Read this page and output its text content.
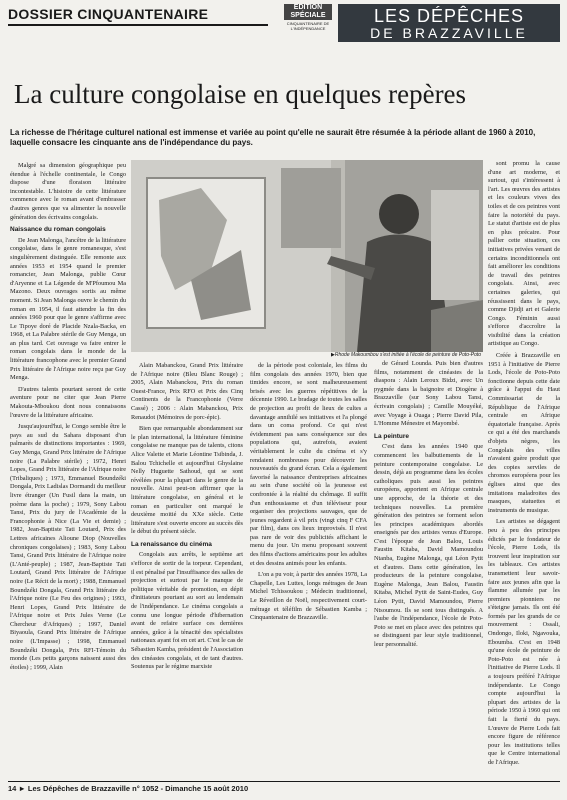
DOSSIER CINQUANTENAIRE	EDITION
SPÉCIALE
CINQUANTENAIRE DE L'INDÉPENDANCE
LES DÉPÊCHES
DE BRAZZAVILLE
La culture congolaise en quelques repères
La richesse de l'héritage culturel national est immense et variée au point qu'elle ne saurait être résumée à la période allant de 1960 à 2010, laquelle consacre les cinquante ans de l'indépendance du pays.

Malgré sa dimension géographique peu étendue à l'échelle continentale, le Congo dispose d'une floraison littéraire incontestable. L'histoire de cette littérature commence avec le roman avant d'embrasser d'autres genres que va alimenter la nouvelle génération des écrivains congolais.

Naissance du roman congolais

De Jean Malonga, l'ancêtre de la littérature congolaise, dans le genre romanesque, s'est singulièrement distinguée. Elle remonte aux années 1953 et 1954 quand le premier romancier, Jean Malonga, publie Cœur d'Aryenne et La Légende de M'Pfoumou Ma Mazono. Deux ouvrages sortis au même moment. Si Jean Malonga ouvre le chemin du roman en 1954, il faut attendre la fin des années 1960 pour que le genre s'affirme avec Le Tipoye doré de Placide Nzala-Backa, en 1968, et La Palabre stérile de Guy Menga, un an plus tard. Cet ouvrage va faire entrer le roman congolais dans le monde de la littérature francophone avec le premier Grand Prix littéraire de l'Afrique noire reçu par Guy Menga.

D'autres talents pourtant seront de cette aventure pour ne citer que Jean Pierre Makouta-Mboukou dont nous connaissons l'œuvre de la littérature africaine.

Jusqu'aujourd'hui, le Congo semble être le pays au sud du Sahara disposant d'un palmarès de distinctions importantes : 1969, Guy Menga, Grand Prix littéraire de l'Afrique noire (La Palabre stérile) ; 1972, Henri Lopes, Grand Prix littéraire de l'Afrique noire (Tribaliques) ; 1973, Emmanuel Boundzéki Dongala, Prix Ladislas Dormandi du meilleur livre étranger (Un Fusil dans la main, un poème dans la poche) ; 1979, Sony Labou Tansi, Prix du jury de l'Académie de la Francophonie à Nice (La Vie et demie) ; 1982, Jean-Baptiste Tati Loutard, Prix des Lettres africaines Alioune Diop (Nouvelles chroniques congolaises) ; 1983, Sony Labou Tansi, Grand Prix littéraire de l'Afrique noire (L'Anté-peuple) ; 1987, Jean-Baptiste Tati Loutard, Grand Prix littéraire de l'Afrique noire (Le Récit de la mort) ; 1988, Emmanuel Boundzéki Dongala, Grand Prix littéraire de l'Afrique noire (Le Feu des origines) ; 1993, Henri Lopes, Grand Prix littéraire de l'Afrique noire et Prix Jules Verne (Le Chercheur d'Afriques) ; 1997, Daniel Biyaoula, Grand Prix littéraire de l'Afrique noire (L'Impasse) ; 1998, Emmanuel Boundzéki Dongala, Prix RFI-Témoin du monde (Les petits garçons naissent aussi des étoiles) ; 1999, Alain

▶ Rhode Makoumbou s'est initiée à l'école de peinture de Poto-Poto

Alain Mabanckou, Grand Prix littéraire de l'Afrique noire (Bleu Blanc Rouge) ; 2005, Alain Mabanckou, Prix du roman Ouest-France, Prix RFO et Prix des Cinq Continents de la Francophonie (Verre Cassé) ; 2006 : Alain Mabanckou, Prix Renaudot (Mémoires de porc-épic).

Bien que remarquable abondamment sur le plan international, la littérature féminine congolaise ne manque pas de talents, citons Alice Valette et Marie Léontine Tsibinda, J. Balou Tchichelle et aujourd'hui Ghyslaine Nelly Huguette Sathoud, qui se sont révélées pour la plupart dans le genre de la nouvelle. Ainsi peut-on affirmer que la littérature congolaise, en général et le roman en particulier ont marqué le deuxième moitié du XXe siècle. Cette littérature s'est ouverte encore au succès dès le début du présent siècle.

La renaissance du cinéma

Congolais aux arrêts, le septième art s'efforce de sortir de la torpeur. Cependant, il est pénalisé par l'insuffisance des salles de projection et surtout par le manque de politique véritable de promotion, en dépit d'initiateurs pourtant au sort au lendemain de l'indépendance. Le cinéma congolais a connu une longue période d'hibernation avant de refaire surface ces dernières années, grâce à la ténacité des spécialistes nationaux ayant foi en cet art. C'est le cas de Sébastien Kamba, président de l'Association des cinéastes congolais, et de tant d'autres. Soutenus par le régime marxiste

de la période post coloniale, les films du film congolais des années 1970, bien que timides encore, se sont malheureusement brisés avec les guerres répétitives de la décennie 1990. Le bradage de toutes les salles de projection au profit de lieux de cultes a davantage annihilé ses initiatives et l'a plongé dans un coma profond. Ce qui n'est évidemment pas sans conséquence sur des populations qui, autrefois, avaient véritablement le culte du cinéma et s'y rendaient nombreuses pour découvrir les nouveautés du grand écran. Cela a également favorisé la naissance d'entreprises africaines au sein d'une société où la jeunesse est confrontée à la réalité du chômage. Il suffit d'un enthousiasme et d'un téléviseur pour organiser des projections sauvages, que de jeunes regardent à vil prix (vingt cinq F CFA par film), dans ces lieux improvisés. Il n'est pas rare de voir des publicités affichant le menu du jour. Un menu proposant souvent des films d'actions américains pour les adultes et des dessins animés pour les enfants.

L'on a pu voir, à partir des années 1978, La Chapelle, Les Luttes, longs métrages de Jean Michel Tchissoukou ; Médecin traditionnel, Le Réveillon de Noël, respectivement court-métrage et téléfilm de Sébastien Kamba ; Cinquantenaire de Brazzaville.

de Gérard Lounda. Puis bien d'autres films, notamment de cinéastes de la diaspora : Alain Leroux Bidzi, avec Un pygmée dans la baignoire et Diogène à Brazzaville (sur Sony Labou Tansi, écrivain congolais) ; Camille Mouyéké, avec Voyage à Ouaga ; Pierre David Pila, L'Homme Ménestre et Mayombé.

La peinture

C'est dans les années 1940 que commencent les balbutiements de la peinture contemporaine congolaise. Le dessin, déjà au programme dans les écoles catholiques puis aussi les peintres européens, apportent en Afrique centrale une approche, de la théorie et des techniques nouvelles. La première génération des peintres se forment selon les principes académiques abordés enseignés par des artistes venus d'Europe. C'est l'époque de Jean Balou, Louis Faustin Kitaba, David Mamoundou Ntanba, Eugène Malonga, qui Léon Pytit et d'autres. Dans cette génération, les producteurs de la peinture congolaise, Eugène Malonga, Jean Balou, Faustin Kitaba, Michel Pytit de Saint-Eudes, Guy Léon Pytit, David Mamoundou, Pierre Ntsoumou. Ils se sont tous distingués. A l'aube de l'indépendance, l'école de Poto-Poto se met en place avec des peintres qui se distinguent par leur style traditionnel, leur personnalité.

sont promu la cause d'une art moderne, et surtout, qui s'intéressent à l'art. Les œuvres des artistes et les couleurs vives des toiles et de ces peintres vont faire la notoriété du pays. Le statut d'artiste est de plus en plus précaire. Pour pallier cette situation, ces initiatives privées venant de certains inconditionnels ont fait améliorer les conditions de travail des peintres congolais. Ainsi, avec certaines galeries, qui réussissent dans le pays, comme Djidji art et Galerie Congo. Féminin aussi s'efforce d'accroître la visibilité dans la création artistique au Congo.

Créée à Brazzaville en 1951 à l'initiative de Pierre Lods, l'école de Poto-Poto fonctionne depuis cette date grâce à l'appui du Haut Commissariat de la République de l'Afrique centrale en Afrique équatoriale française. Après ce qui a été des marchands d'objets nègres, les Congolais des villes n'avaient guère produit que des copies serviles de chromos européens pour les églises ainsi que des imitations maladroites des masques, statuettes et instruments de musique.

Les artistes se dégagent peu à peu des principes édictés par le fondateur de l'école, Pierre Lods, ils trouvent leur inspiration sur les tableaux. Ces artistes transmettent leur savoir-faire aux jeunes afin que la flamme allumée par les premiers pionniers ne s'éteigne jamais. Ils ont été formés par les grands de ce mouvement : Ossali, Ondongo, Iloki, Ngavouka, Eboumba. C'est en 1948 qu'une école de peinture de Poto-Poto est née à l'initiative de Pierre Lods. Il a toujours préféré l'Afrique indépendante. Le Congo compte aujourd'hui la plupart des artistes de la période 1950 à 1960 qui ont fait la fierté du pays. L'œuvre de Pierre Lods fait encore figure de référence pour les institutions telles que le Centre international de l'Afrique.

14 ► Les Dépêches de Brazzaville n° 1052 - Dimanche 15 août 2010
